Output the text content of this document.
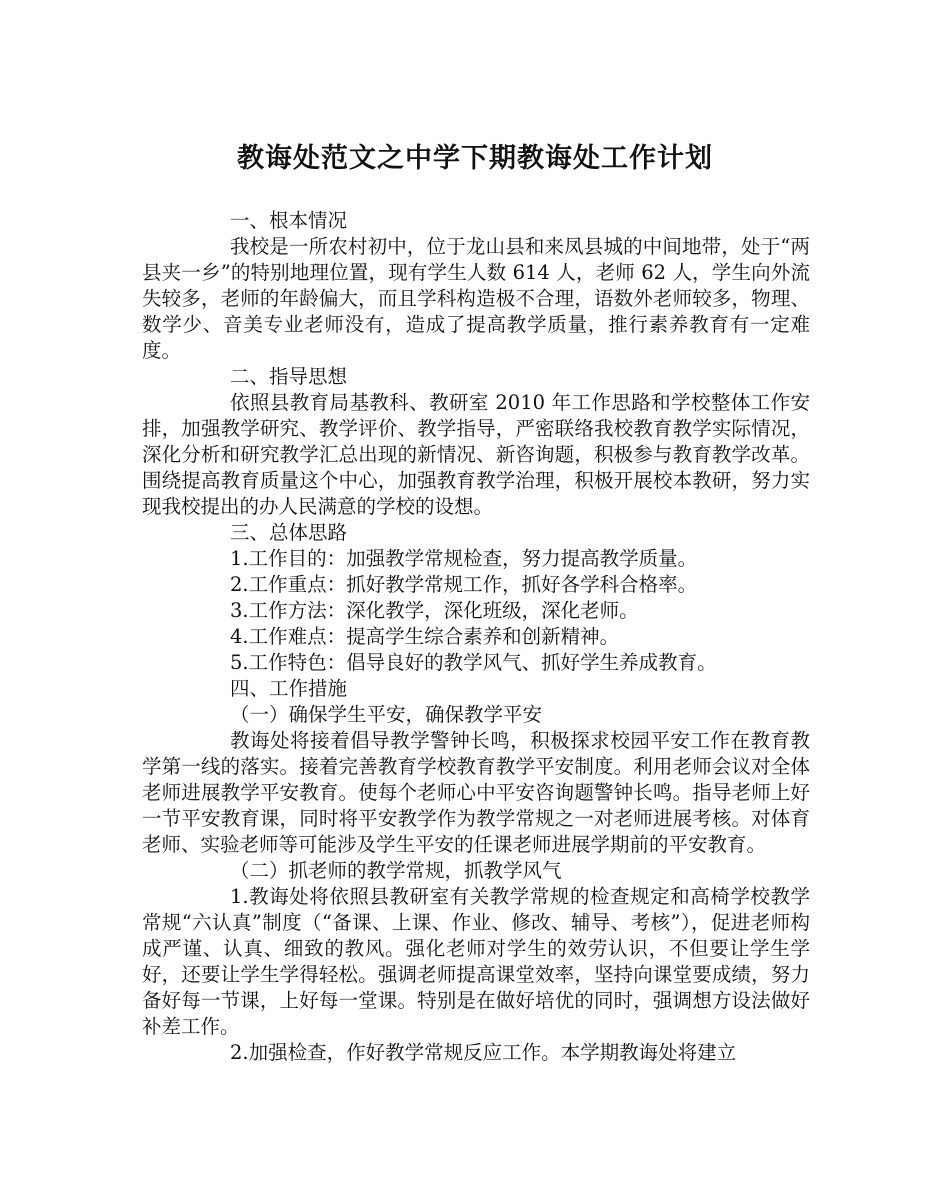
教诲处范文之中学下期教诲处工作计划

一、根本情况

我校是一所农村初中，位于龙山县和来凤县城的中间地带，处于“两县夹一乡”的特别地理位置，现有学生人数 614 人，老师 62 人，学生向外流失较多，老师的年龄偏大，而且学科构造极不合理，语数外老师较多，物理、数学少、音美专业老师没有，造成了提高教学质量，推行素养教育有一定难度。

二、指导思想

依照县教育局基教科、教研室 2010 年工作思路和学校整体工作安排，加强教学研究、教学评价、教学指导，严密联络我校教育教学实际情况，深化分析和研究教学汇总出现的新情况、新咨询题，积极参与教育教学改革。围绕提高教育质量这个中心，加强教育教学治理，积极开展校本教研，努力实现我校提出的办人民满意的学校的设想。

三、总体思路

1.工作目的：加强教学常规检查，努力提高教学质量。

2.工作重点：抓好教学常规工作，抓好各学科合格率。

3.工作方法：深化教学，深化班级，深化老师。

4.工作难点：提高学生综合素养和创新精神。

5.工作特色：倡导良好的教学风气、抓好学生养成教育。

四、工作措施

（一）确保学生平安，确保教学平安

教诲处将接着倡导教学警钟长鸣，积极探求校园平安工作在教育教学第一线的落实。接着完善教育学校教育教学平安制度。利用老师会议对全体老师进展教学平安教育。使每个老师心中平安咨询题警钟长鸣。指导老师上好一节平安教育课，同时将平安教学作为教学常规之一对老师进展考核。对体育老师、实验老师等可能涉及学生平安的任课老师进展学期前的平安教育。

（二）抓老师的教学常规，抓教学风气

1.教诲处将依照县教研室有关教学常规的检查规定和高椅学校教学常规“六认真”制度（“备课、上课、作业、修改、辅导、考核”），促进老师构成严谨、认真、细致的教风。强化老师对学生的效劳认识，不但要让学生学好，还要让学生学得轻松。强调老师提高课堂效率，坚持向课堂要成绩，努力备好每一节课，上好每一堂课。特别是在做好培优的同时，强调想方设法做好补差工作。

2.加强检查，作好教学常规反应工作。本学期教诲处将建立
